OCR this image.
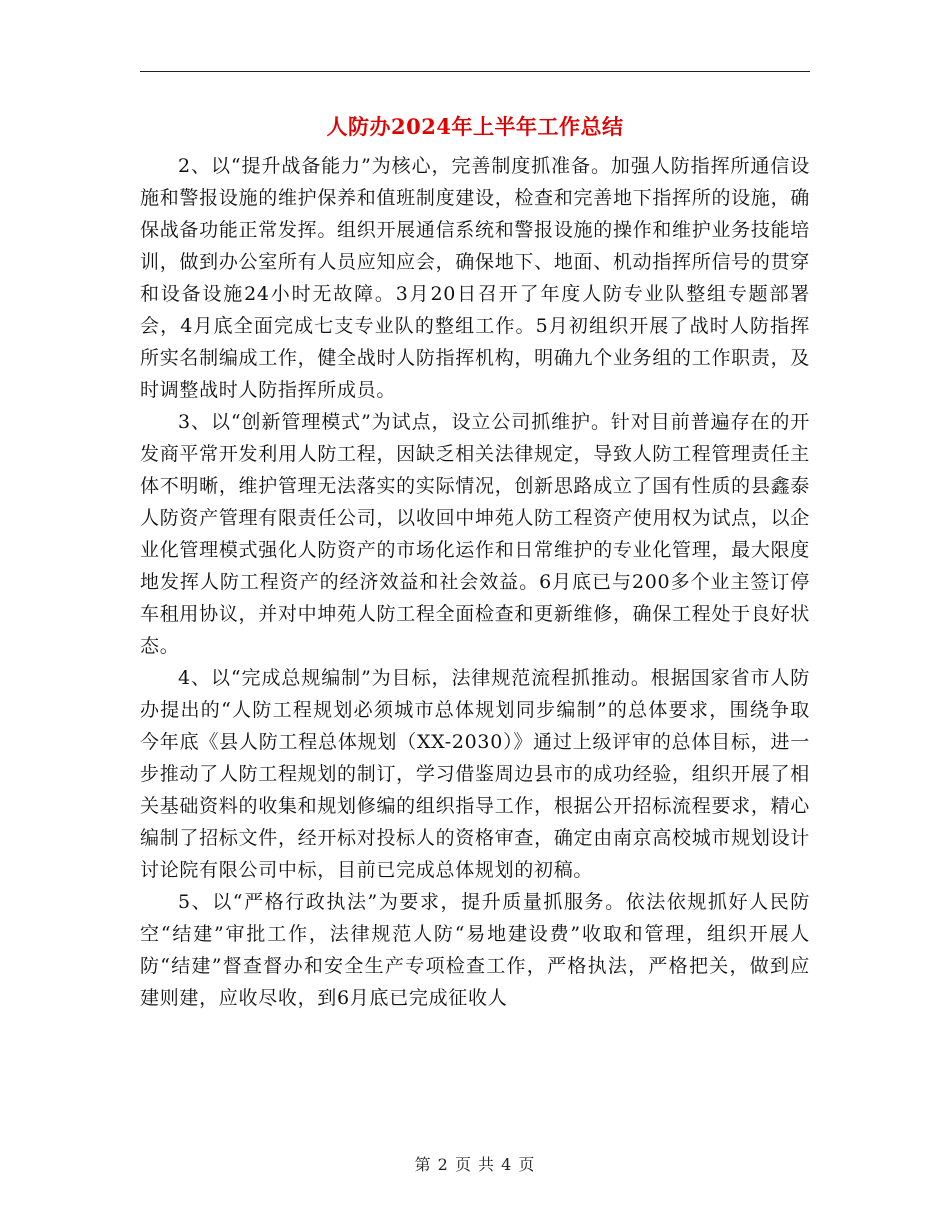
人防办2024年上半年工作总结

2、以“提升战备能力”为核心，完善制度抓准备。加强人防指挥所通信设施和警报设施的维护保养和值班制度建设，检查和完善地下指挥所的设施，确保战备功能正常发挥。组织开展通信系统和警报设施的操作和维护业务技能培训，做到办公室所有人员应知应会，确保地下、地面、机动指挥所信号的贯穿和设备设施24小时无故障。3月20日召开了年度人防专业队整组专题部署会，4月底全面完成七支专业队的整组工作。5月初组织开展了战时人防指挥所实名制编成工作，健全战时人防指挥机构，明确九个业务组的工作职责，及时调整战时人防指挥所成员。

3、以“创新管理模式”为试点，设立公司抓维护。针对目前普遍存在的开发商平常开发利用人防工程，因缺乏相关法律规定，导致人防工程管理责任主体不明晰，维护管理无法落实的实际情况，创新思路成立了国有性质的县鑫泰人防资产管理有限责任公司，以收回中坤苑人防工程资产使用权为试点，以企业化管理模式强化人防资产的市场化运作和日常维护的专业化管理，最大限度地发挥人防工程资产的经济效益和社会效益。6月底已与200多个业主签订停车租用协议，并对中坤苑人防工程全面检查和更新维修，确保工程处于良好状态。

4、以“完成总规编制”为目标，法律规范流程抓推动。根据国家省市人防办提出的“人防工程规划必须城市总体规划同步编制”的总体要求，围绕争取今年底《县人防工程总体规划（XX-2030）》通过上级评审的总体目标，进一步推动了人防工程规划的制订，学习借鉴周边县市的成功经验，组织开展了相关基础资料的收集和规划修编的组织指导工作，根据公开招标流程要求，精心编制了招标文件，经开标对投标人的资格审查，确定由南京高校城市规划设计讨论院有限公司中标，目前已完成总体规划的初稿。

5、以“严格行政执法”为要求，提升质量抓服务。依法依规抓好人民防空“结建”审批工作，法律规范人防“易地建设费”收取和管理，组织开展人防“结建”督查督办和安全生产专项检查工作，严格执法，严格把关，做到应建则建，应收尽收，到6月底已完成征收人

第 2 页 共 4 页
